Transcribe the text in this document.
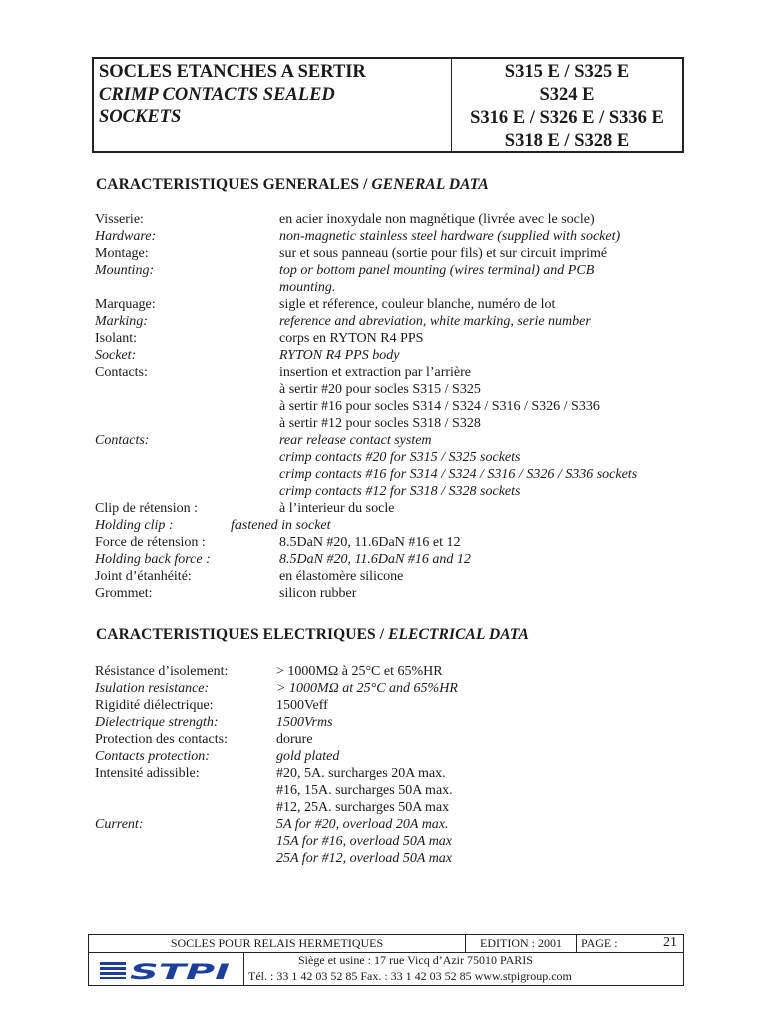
SOCLES ETANCHES A SERTIR
CRIMP CONTACTS SEALED
SOCKETS
S315 E / S325 E
S324 E
S316 E / S326 E / S336 E
S318 E / S328 E
CARACTERISTIQUES GENERALES / GENERAL DATA
Visserie:	en acier inoxydale non magnétique (livrée avec le socle)
Hardware:	non-magnetic stainless steel hardware (supplied with socket)
Montage:	sur et sous panneau (sortie pour fils) et sur circuit imprimé
Mounting:	top or bottom panel mounting (wires terminal) and PCB
mounting.
Marquage:	sigle et réference, couleur blanche, numéro de lot
Marking:	reference and abreviation, white marking, serie number
Isolant:	corps en RYTON R4 PPS
Socket:	RYTON R4 PPS body
Contacts:	insertion et extraction par l’arrière
à sertir #20 pour socles S315 / S325
à sertir #16 pour socles S314 / S324 / S316 / S326 / S336
à sertir #12 pour socles S318 / S328
Contacts:	rear release contact system
crimp contacts #20 for S315 / S325 sockets
crimp contacts #16 for S314 / S324 / S316 / S326 / S336 sockets
crimp contacts #12 for S318 / S328 sockets
Clip de rétension :	à l’interieur du socle
Holding clip :	fastened in socket
Force de rétension :	8.5DaN #20, 11.6DaN #16 et 12
Holding back force :	8.5DaN #20, 11.6DaN #16 and 12
Joint d’étanhéité:	en élastomère silicone
Grommet:	silicon rubber
CARACTERISTIQUES ELECTRIQUES / ELECTRICAL DATA
Résistance d’isolement:	> 1000MΩ à 25°C et 65%HR
Isulation resistance:	> 1000MΩ at 25°C and 65%HR
Rigidité diélectrique:	1500Veff
Dielectrique strength:	1500Vrms
Protection des contacts:	dorure
Contacts protection:	gold plated
Intensité adissible:	#20, 5A. surcharges 20A max.
#16, 15A. surcharges 50A max.
#12, 25A. surcharges 50A max
Current:	5A for #20, overload 20A max.
15A for #16, overload 50A max
25A for #12, overload 50A max
SOCLES POUR RELAIS HERMETIQUES	EDITION : 2001	PAGE :	21
STPI	Siège et usine : 17 rue Vicq d’Azir 75010 PARIS
Tél. : 33 1 42 03 52 85 Fax. : 33 1 42 03 52 85 www.stpigroup.com
